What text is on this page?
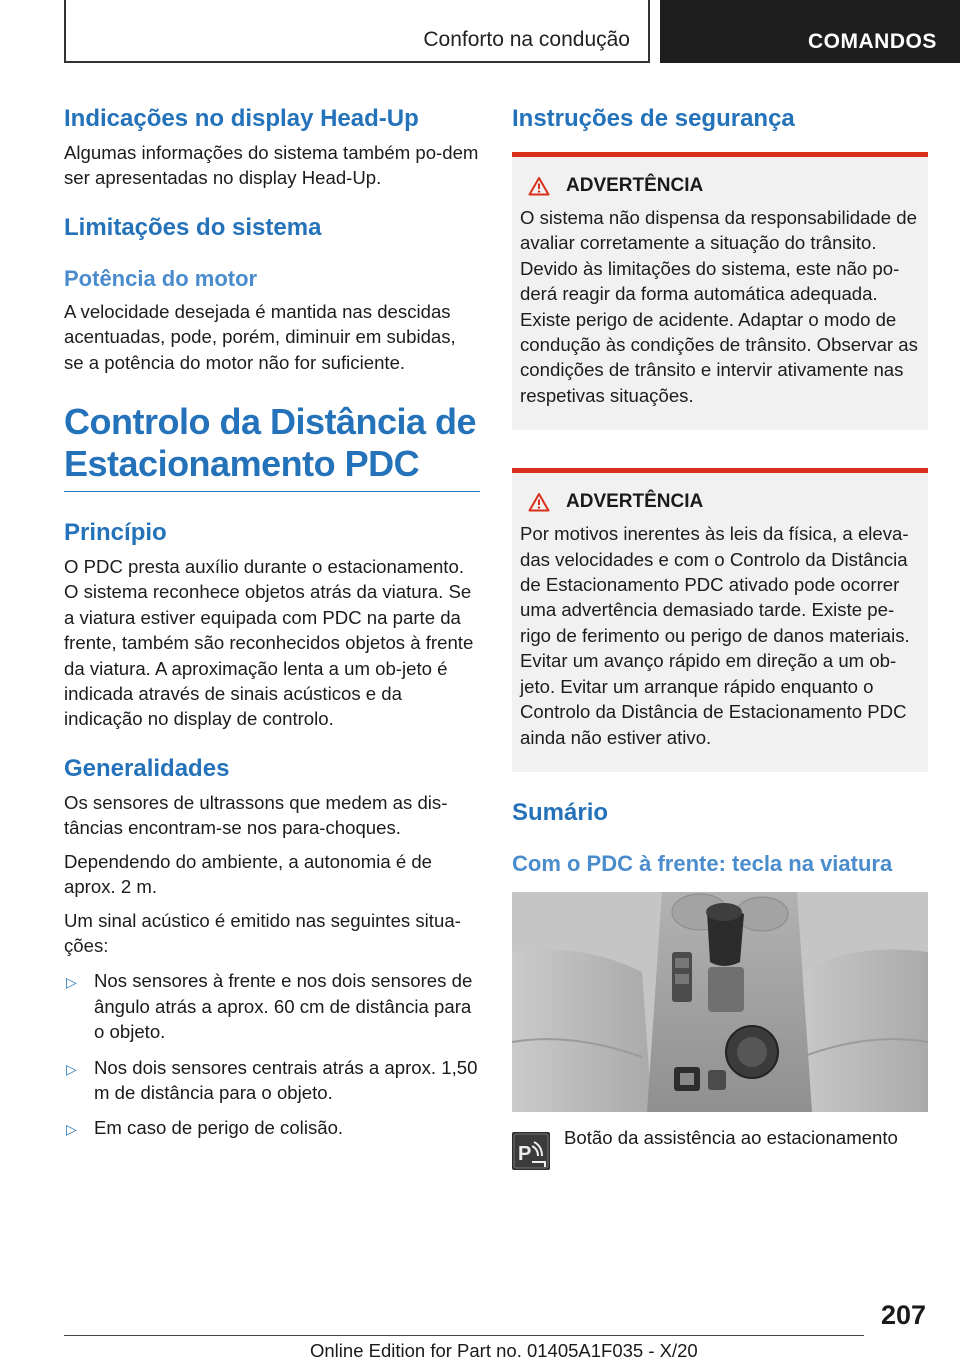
Conforto na condução	COMANDOS
Indicações no display Head-Up

Algumas informações do sistema também po-dem ser apresentadas no display Head-Up.

Limitações do sistema
Potência do motor

A velocidade desejada é mantida nas descidas acentuadas, pode, porém, diminuir em subidas, se a potência do motor não for suficiente.

Controlo da Distância de Estacionamento PDC
Princípio

O PDC presta auxílio durante o estacionamento. O sistema reconhece objetos atrás da viatura. Se a viatura estiver equipada com PDC na parte da frente, também são reconhecidos objetos à frente da viatura. A aproximação lenta a um ob-jeto é indicada através de sinais acústicos e da indicação no display de controlo.

Generalidades

Os sensores de ultrassons que medem as dis-tâncias encontram-se nos para-choques.

Dependendo do ambiente, a autonomia é de aprox. 2 m.

Um sinal acústico é emitido nas seguintes situa-ções:

▷ Nos sensores à frente e nos dois sensores de ângulo atrás a aprox. 60 cm de distância para o objeto.
▷ Nos dois sensores centrais atrás a aprox. 1,50 m de distância para o objeto.
▷ Em caso de perigo de colisão.
Instruções de segurança
ADVERTÊNCIA

O sistema não dispensa da responsabilidade de avaliar corretamente a situação do trânsito. Devido às limitações do sistema, este não po-derá reagir da forma automática adequada. Existe perigo de acidente. Adaptar o modo de condução às condições de trânsito. Observar as condições de trânsito e intervir ativamente nas respetivas situações.

ADVERTÊNCIA

Por motivos inerentes às leis da física, a eleva-das velocidades e com o Controlo da Distância de Estacionamento PDC ativado pode ocorrer uma advertência demasiado tarde. Existe pe-rigo de ferimento ou perigo de danos materiais. Evitar um avanço rápido em direção a um ob-jeto. Evitar um arranque rápido enquanto o Controlo da Distância de Estacionamento PDC ainda não estiver ativo.

Sumário
Com o PDC à frente: tecla na viatura
P
Botão da assistência ao estacionamento
207
Online Edition for Part no. 01405A1F035 - X/20
